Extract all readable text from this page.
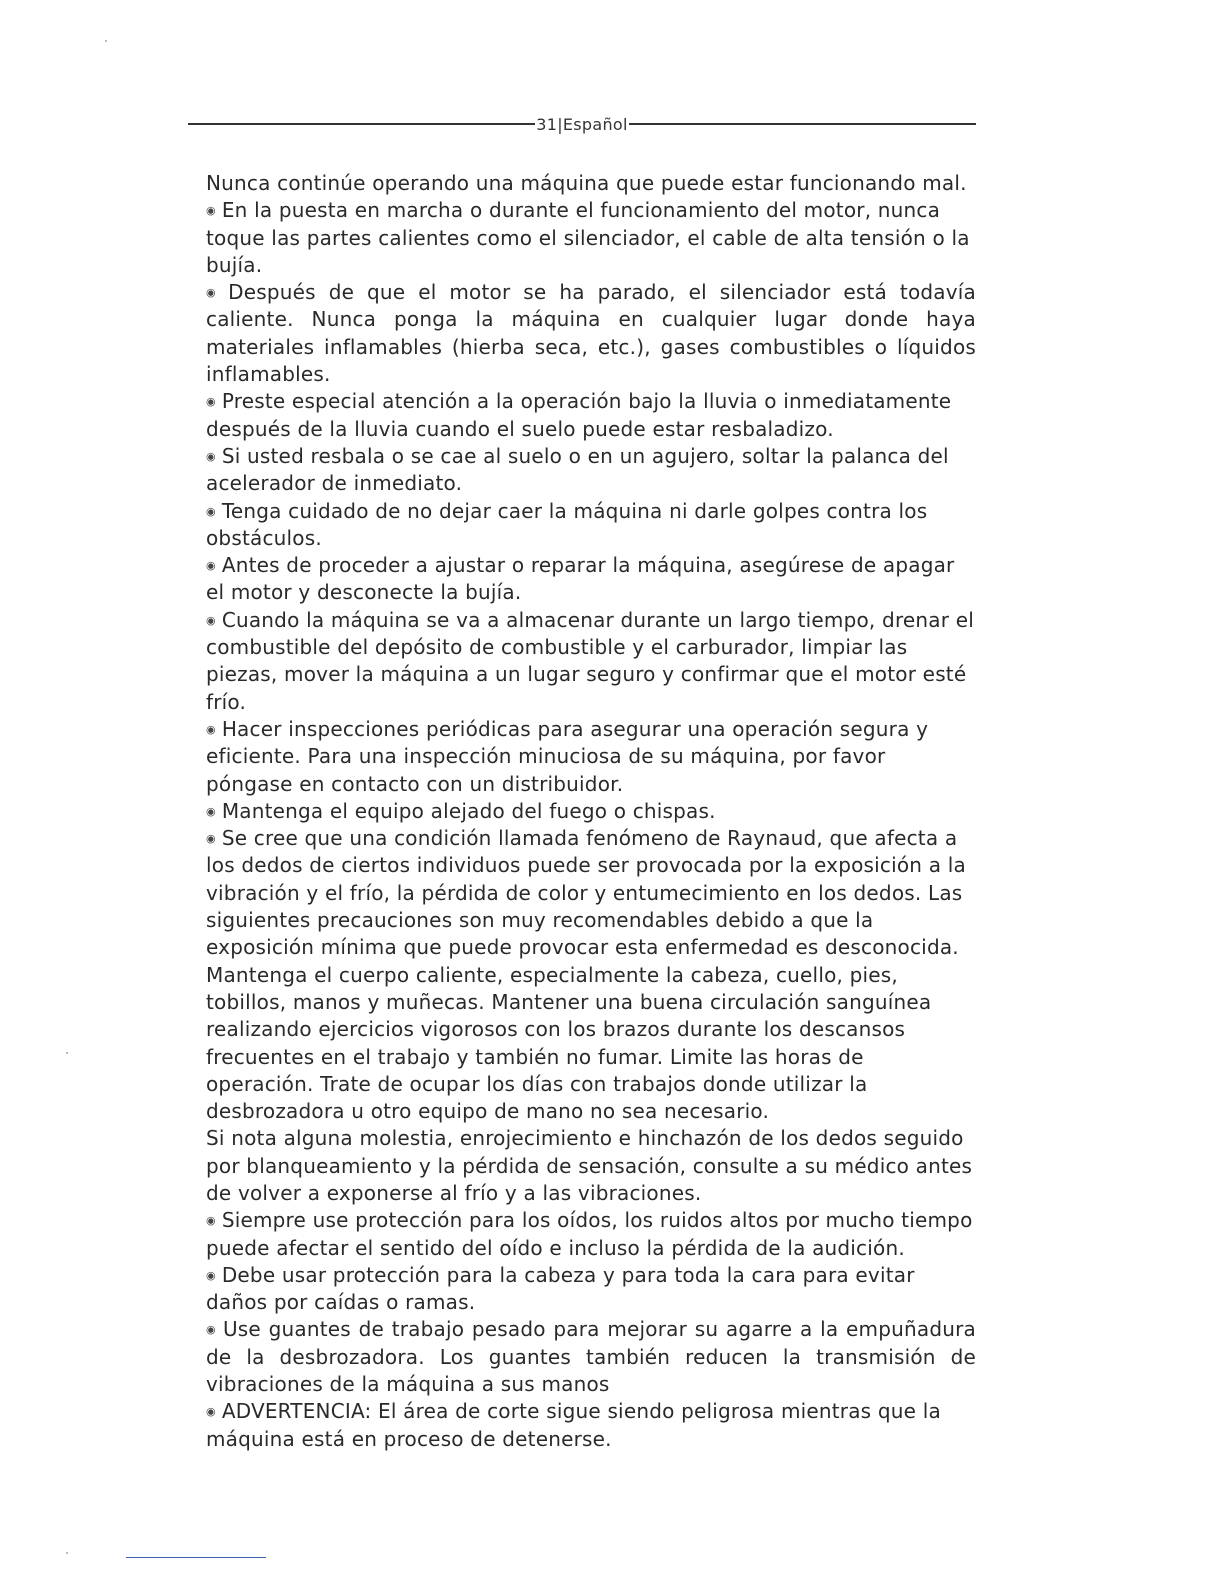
31|Español

Nunca continúe operando una máquina que puede estar funcionando mal.

◉ En la puesta en marcha o durante el funcionamiento del motor, nunca toque las partes calientes como el silenciador, el cable de alta tensión o la bujía.

◉ Después de que el motor se ha parado, el silenciador está todavía caliente. Nunca ponga la máquina en cualquier lugar donde haya materiales inflamables (hierba seca, etc.), gases combustibles o líquidos inflamables.

◉ Preste especial atención a la operación bajo la lluvia o inmediatamente después de la lluvia cuando el suelo puede estar resbaladizo.

◉ Si usted resbala o se cae al suelo o en un agujero, soltar la palanca del acelerador de inmediato.

◉ Tenga cuidado de no dejar caer la máquina ni darle golpes contra los obstáculos.

◉ Antes de proceder a ajustar o reparar la máquina, asegúrese de apagar el motor y desconecte la bujía.

◉ Cuando la máquina se va a almacenar durante un largo tiempo, drenar el combustible del depósito de combustible y el carburador, limpiar las piezas, mover la máquina a un lugar seguro y confirmar que el motor esté frío.

◉ Hacer inspecciones periódicas para asegurar una operación segura y eficiente. Para una inspección minuciosa de su máquina, por favor póngase en contacto con un distribuidor.

◉ Mantenga el equipo alejado del fuego o chispas.

◉ Se cree que una condición llamada fenómeno de Raynaud, que afecta a los dedos de ciertos individuos puede ser provocada por la exposición a la vibración y el frío, la pérdida de color y entumecimiento en los dedos. Las siguientes precauciones son muy recomendables debido a que la exposición mínima que puede provocar esta enfermedad es desconocida. Mantenga el cuerpo caliente, especialmente la cabeza, cuello, pies, tobillos, manos y muñecas. Mantener una buena circulación sanguínea realizando ejercicios vigorosos con los brazos durante los descansos frecuentes en el trabajo y también no fumar. Limite las horas de operación. Trate de ocupar los días con trabajos donde utilizar la desbrozadora u otro equipo de mano no sea necesario.

Si nota alguna molestia, enrojecimiento e hinchazón de los dedos seguido por blanqueamiento y la pérdida de sensación, consulte a su médico antes de volver a exponerse al frío y a las vibraciones.

◉ Siempre use protección para los oídos, los ruidos altos por mucho tiempo puede afectar el sentido del oído e incluso la pérdida de la audición.

◉ Debe usar protección para la cabeza y para toda la cara para evitar daños por caídas o ramas.

◉ Use guantes de trabajo pesado para mejorar su agarre a la empuñadura de la desbrozadora. Los guantes también reducen la transmisión de vibraciones de la máquina a sus manos

◉ ADVERTENCIA: El área de corte sigue siendo peligrosa mientras que la máquina está en proceso de detenerse.
